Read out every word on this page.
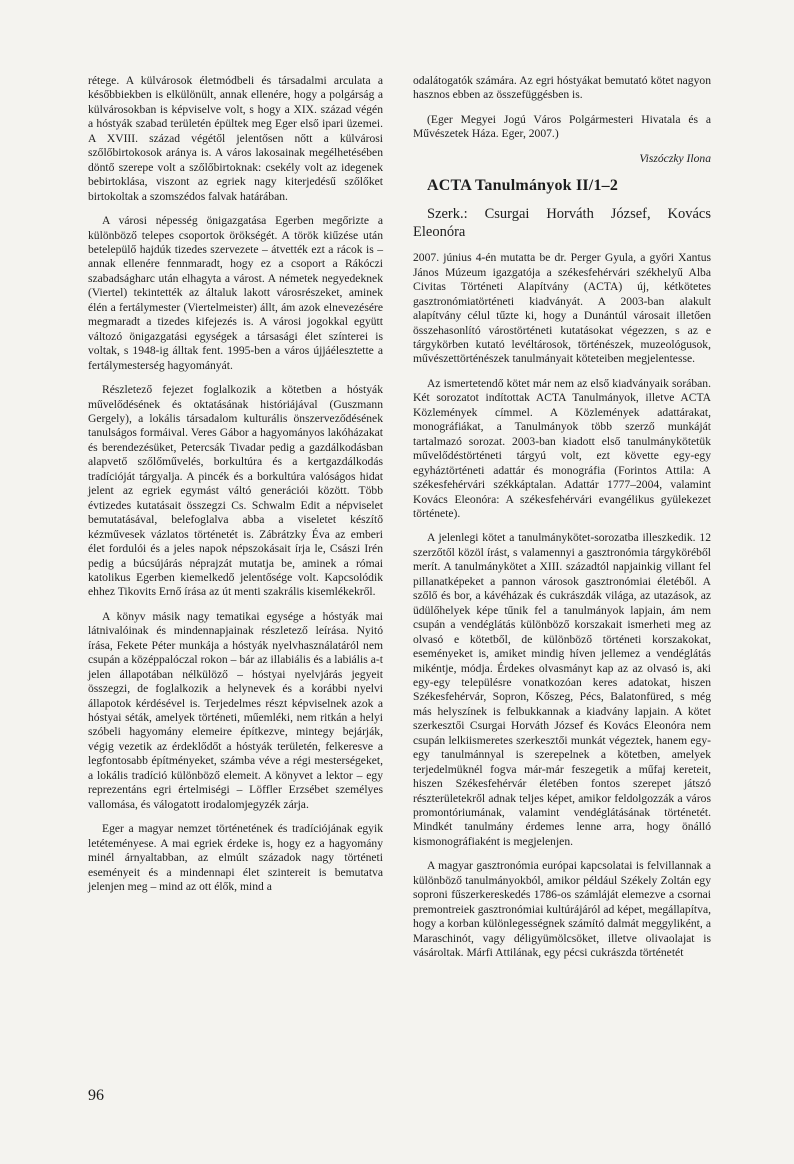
rétege. A külvárosok életmódbeli és társadalmi arculata a későbbiekben is elkülönült, annak ellenére, hogy a polgárság a külvárosokban is képviselve volt, s hogy a XIX. század végén a hóstyák szabad területén épültek meg Eger első ipari üzemei. A XVIII. század végétől jelentősen nőtt a külvárosi szőlőbirtokosok aránya is. A város lakosainak megélhetésében döntő szerepe volt a szőlőbirtoknak: csekély volt az idegenek bebirtoklása, viszont az egriek nagy kiterjedésű szőlőket birtokoltak a szomszédos falvak határában.

A városi népesség önigazgatása Egerben megőrizte a különböző telepes csoportok örökségét. A török kiűzése után betelepülő hajdúk tizedes szervezete – átvették ezt a rácok is – annak ellenére fennmaradt, hogy ez a csoport a Rákóczi szabadságharc után elhagyta a várost. A németek negyedeknek (Viertel) tekintették az általuk lakott városrészeket, aminek élén a fertálymester (Viertelmeister) állt, ám azok elnevezésére megmaradt a tizedes kifejezés is. A városi jogokkal együtt változó önigazgatási egységek a társasági élet színterei is voltak, s 1948-ig álltak fent. 1995-ben a város újjáélesztette a fertálymesterség hagyományát.

Részletező fejezet foglalkozik a kötetben a hóstyák művelődésének és oktatásának históriájával (Guszmann Gergely), a lokális társadalom kulturális önszerveződésének tanulságos formáival. Veres Gábor a hagyományos lakóházakat és berendezésüket, Petercsák Tivadar pedig a gazdálkodásban alapvető szőlőművelés, borkultúra és a kertgazdálkodás tradícióját tárgyalja. A pincék és a borkultúra valóságos hidat jelent az egriek egymást váltó generációi között. Több évtizedes kutatásait összegzi Cs. Schwalm Edit a népviselet bemutatásával, belefoglalva abba a viseletet készítő kézművesek vázlatos történetét is. Zábrátzky Éva az emberi élet fordulói és a jeles napok népszokásait írja le, Császi Irén pedig a búcsújárás néprajzát mutatja be, aminek a római katolikus Egerben kiemelkedő jelentősége volt. Kapcsolódik ehhez Tikovits Ernő írása az út menti szakrális kisemlékekről.

A könyv másik nagy tematikai egysége a hóstyák mai látnivalóinak és mindennapjainak részletező leírása. Nyitó írása, Fekete Péter munkája a hóstyák nyelvhasználatáról nem csupán a középpalóczal rokon – bár az illabiális és a labiális a-t jelen állapotában nélkülöző – hóstyai nyelvjárás jegyeit összegzi, de foglalkozik a helynevek és a korábbi nyelvi állapotok kérdésével is. Terjedelmes részt képviselnek azok a hóstyai séták, amelyek történeti, műemléki, nem ritkán a helyi szóbeli hagyomány elemeire építkezve, mintegy bejárják, végig vezetik az érdeklődőt a hóstyák területén, felkeresve a legfontosabb építményeket, számba véve a régi mesterségeket, a lokális tradíció különböző elemeit. A könyvet a lektor – egy reprezentáns egri értelmiségi – Löffler Erzsébet személyes vallomása, és válogatott irodalomjegyzék zárja.

Eger a magyar nemzet történetének és tradíciójának egyik letéteményese. A mai egriek érdeke is, hogy ez a hagyomány minél árnyaltabban, az elmúlt századok nagy történeti eseményeit és a mindennapi élet szintereit is bemutatva jelenjen meg – mind az ott élők, mind a

odalátogatók számára. Az egri hóstyákat bemutató kötet nagyon hasznos ebben az összefüggésben is.

(Eger Megyei Jogú Város Polgármesteri Hivatala és a Művészetek Háza. Eger, 2007.)

Viszóczky Ilona

ACTA Tanulmányok II/1–2

Szerk.: Csurgai Horváth József, Kovács Eleonóra

2007. június 4-én mutatta be dr. Perger Gyula, a győri Xantus János Múzeum igazgatója a székesfehérvári székhelyű Alba Civitas Történeti Alapítvány (ACTA) új, kétkötetes gasztronómiatörténeti kiadványát. A 2003-ban alakult alapítvány célul tűzte ki, hogy a Dunántúl városait illetően összehasonlító várostörténeti kutatásokat végezzen, s az e tárgykörben kutató levéltárosok, történészek, muzeológusok, művészettörténészek tanulmányait köteteiben megjelentesse.

Az ismertetendő kötet már nem az első kiadványaik sorában. Két sorozatot indítottak ACTA Tanulmányok, illetve ACTA Közlemények címmel. A Közlemények adattárakat, monográfiákat, a Tanulmányok több szerző munkáját tartalmazó sorozat. 2003-ban kiadott első tanulmánykötetük művelődéstörténeti tárgyú volt, ezt követte egy-egy egyháztörténeti adattár és monográfia (Forintos Attila: A székesfehérvári székkáptalan. Adattár 1777–2004, valamint Kovács Eleonóra: A székesfehérvári evangélikus gyülekezet története).

A jelenlegi kötet a tanulmánykötet-sorozatba illeszkedik. 12 szerzőtől közöl írást, s valamennyi a gasztronómia tárgyköréből merít. A tanulmánykötet a XIII. századtól napjainkig villant fel pillanatképeket a pannon városok gasztronómiai életéből. A szőlő és bor, a kávéházak és cukrászdák világa, az utazások, az üdülőhelyek képe tűnik fel a tanulmányok lapjain, ám nem csupán a vendéglátás különböző korszakait ismerheti meg az olvasó e kötetből, de különböző történeti korszakokat, eseményeket is, amiket mindig híven jellemez a vendéglátás mikéntje, módja. Érdekes olvasmányt kap az az olvasó is, aki egy-egy településre vonatkozóan keres adatokat, hiszen Székesfehérvár, Sopron, Kőszeg, Pécs, Balatonfüred, s még más helyszínek is felbukkannak a kiadvány lapjain. A kötet szerkesztői Csurgai Horváth József és Kovács Eleonóra nem csupán lelkiismeretes szerkesztői munkát végeztek, hanem egy-egy tanulmánnyal is szerepelnek a kötetben, amelyek terjedelmüknél fogva már-már feszegetik a műfaj kereteit, hiszen Székesfehérvár életében fontos szerepet játszó részterületekről adnak teljes képet, amikor feldolgozzák a város promontóriumának, valamint vendéglátásának történetét. Mindkét tanulmány érdemes lenne arra, hogy önálló kismonográfiaként is megjelenjen.

A magyar gasztronómia európai kapcsolatai is felvillannak a különböző tanulmányokból, amikor például Székely Zoltán egy soproni fűszerkereskedés 1786-os számláját elemezve a csornai premontreiek gasztronómiai kultúrájáról ad képet, megállapítva, hogy a korban különlegességnek számító dalmát meggyliként, a Maraschinót, vagy déligyümölcsöket, illetve olivaolajat is vásároltak. Márfi Attilának, egy pécsi cukrászda történetét

96
